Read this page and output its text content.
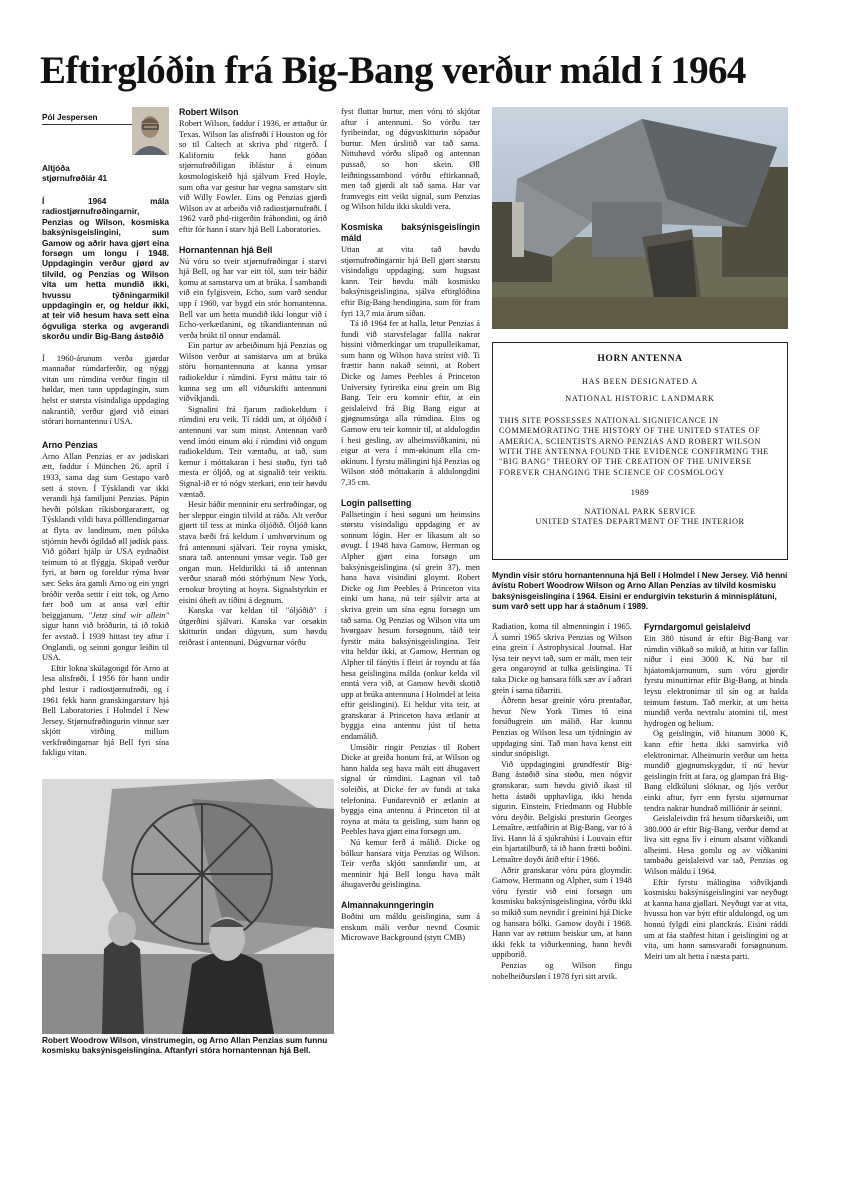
Eftirglóðin frá Big-Bang verður máld í 1964
Pól Jespersen
Altjóða
stjørnufrøðiár 41

Í 1964 mála radiostjørnufrøðingarnir, Penzias og Wilson, kosmiska baksýnisgeislingini, sum Gamow og aðrir hava gjørt eina forsøgn um longu í 1948. Uppdagingin verður gjørd av tilvild, og Penzias og Wilson vita um hetta mundið ikki, hvussu týðningarmikil uppdagingin er, og heldur ikki, at teir við hesum hava sett eina ógvuliga sterka og avgerandi skorðu undir Big-Bang ástøðið

Í 1960-árunum verða gjørdar mannaðar rúmdarferðir, og nýggj vitan um rúmdina verður fingin til høldar, men tann uppdagingin, sum helst er størsta vísindaliga uppdaging nakrantíð, verður gjørd við einari stórari hornantennu í USA.

Arno Penzias

Arno Allan Penzias er av jødiskari ætt, føddur í München 26. apríl í 1933, sama dag sum Gestapo varð sett á stovn. Í Týsklandi var ikki verandi hjá familjuni Penzias. Pápin hevði pólskan ríkisborgararætt, og Týsklandi vildi hava pólllendingarnar at flyta av landinum, men pólska stjórnin hevði ógildað øll jødisk pass. Við góðari hjálp úr USA eydnaðist teimum tó at flýggja. Skipað verður fyri, at børn og foreldur rýma hvør sær. Seks ára gamli Arno og ein yngri bróðir verða settir í eitt tok, og Arno fær boð um at ansa væl eftir beiggjanum. "Jetzt sind wir allein" sigur hann við bróðurin, tá ið tokið fer avstað. Í 1939 hittast tey aftur í Onglandi, og seinni gongur leiðin til USA.

Eftir lokna skúlagongd fór Arno at lesa alisfrøði. Í 1956 fór hann undir phd lestur í radiostjørnufrøði, og í 1961 fekk hann granskingarstarv hjá Bell Laboratories í Holmdel í New Jersey. Stjørnufrøðingurin vinnur sær skjótt virðing millum verkfrøðingarnar hjá Bell fyri sína fakligu vitan.

Robert Wilson

Robert Wilson, føddur í 1936, er ættaður úr Texas. Wilson las alisfrøði í Houston og fór so til Caltech at skriva phd ritgerð. Í Kaliforniu fekk hann góðan stjørnufrøðiligan íblástur á einum kosmologiskeið hjá sjálvum Fred Hoyle, sum ofta var gestur har vegna samstarv sítt við Willy Fowler. Eins og Penzias gjørdi Wilson av at arbeiða við radiostjørnufrøði. Í 1962 varð phd-ritgerðin fráhondini, og árið eftir fór hann í starv hjá Bell Laboratories.

Hornantennan hjá Bell

Nú vóru so tveir stjørnufrøðingar í starvi hjá Bell, og har var eitt tól, sum teir báðir komu at samstarva um at brúka. Í sambandi við ein fylgisvein, Echo, sum varð sendur upp í 1960, var bygd ein stór hornantenna. Bell var um hetta mundið ikki longur við í Echo-verkætlanini, og tíkandiantennan nú verða brúkt til onnur endamál.

Ein partur av arbeiðinum hjá Penzias og Wilson verður at samstarva um at brúka stóru hornantennuna at kanna ymsar radiokeldur í rúmdini. Fyrst máttu tair tó kunna seg um øll viðurskifti antennuni viðvíkjandi.

Signalini frá fjarum radiokeldum í rúmdini eru veik. Tí ráddi um, at óljóðið í antennuni var sum minst. Antennan varð vend ímóti einum øki í rúmdini við ongum radiokeldum. Teir væntaðu, at tað, sum kemur í móttakaran í hesi støðu, fyri tað mesta er óljóð, og at signalið teir veiktu. Signal-ið er tó nógv sterkari, enn teir høvdu væntað.

Hesir báðir menninir eru serfrøðingar, og her sleppur eingin tilvild at ráða. Alt verður gjørtt til tess at minka óljóðið. Óljóð kann stava bæði frá keldum í umhvørvinum og frá antennuni sjálvari. Teir royna ymiskt, snara tað. antennuni ymsar vegir. Tað ger ongan mun. Heldurikki tá ið antennan verður snarað móti stórbýnum New York, ernokur broyting at hoyra. Signalstyrkin er eisini óheft av tíðini á degnum.

Kanska var keldan til "óljóðið" í útgerðini sjálvari. Kanska var orsøkin skitturin undan dúgvum, sum høvdu reiðrast í antennuni. Dúgvurnar vórðu

fyst fluttar burtur, men vóru tó skjótar aftur í antennuni. So vórðu tær fyribeindar, og dúgvuskitturin sópaður burtur. Men úrslitið var tað sama. Nittuhøvd vórðu slípað og antennan pussað, so hon skein. Øll leiðningssambond vórðu eftirkannað, men tað gjørdi alt tað sama. Har var framvegis eitt veikt signal, sum Penzias og Wilson hildu ikki skuldi vera.

Kosmiska baksýnisgeislingin máld

Uttan at vita tað høvdu stjørnufrøðingarnir hjá Bell gjørt størstu vísindaligu uppdaging, sum hugsast kann. Teir høvdu mált kosmisku baksýnisgeislingina, sjálva eftirglóðina eftir Big-Bang hendingina, sum fór fram fyri 13,7 mia árum síðan.

Tá ið 1964 fer at halla, letur Penzias á fundi við starvsfelagar fallla nakrar hissini viðmerkingar um trupulleikamar, sum hann og Wilson hava strítst við. Ti frættir hann nakað seinni, at Robert Dicke og James Peebles á Princeton University fyrireika eina grein um Big Bang. Teir eru komnir eftir, at ein geislaleivd frá Big Bang eigur at gjøgnumsúrga alla rúmdina. Eins og Gamow eru teir komnir til, at aldulogdin í hesi gesling, av alheimsvíðkanini, nú eigur at vera í mm-økinum ella cm-økinum. Í fyrstu málingini hjá Penzias og Wilson stóð móttakarin á aldulongdini 7,35 cm.

Login pallsetting

Pallsetingin í hesi søguni um heimsins størstu vísindaligu uppdaging er av sonnum lógin. Her er líkasum alt so øvugt. Í 1948 hava Gamow, Herman og Alpher gjørt eina forsøgn um baksýnisgeislingina (sí grein 37), men hana hava vísindini gloymt. Robert Dicke og Jim Peebles á Princeton vita einki um hana, nú teir sjálvir arta at skriva grein um sína egnu forsøgn um tað sama. Og Penzias og Wilson vita um hvørgaav hesum forsøgnum, táið teir fyrstir máta baksýnisgeislingina. Teir vita heldur ikki, at Gamow, Herman og Alpher til fánýtis í fleiri ár royndu at fáa hesa geislingina málda (onkur kelda vil enntá vera við, at Gamow hevði skotið upp at brúka antennuna í Holmdel at leita eftir geislingini). Ei heldur vita teir, at granskarar á Princeton hava ætlanir at byggja eina antennu júst til hetta endamálið.

Umsíðir ringir Penzias til Robert Dicke at greiða honum frá, at Wilson og hann halda seg hava mált eitt áhugavert signal úr rúmdini. Lagnan vil tað soleiðis, at Dicke fer av fundi at taka telefonina. Fundarevnið er ætlanin at byggja eina antennu á Princeton til at royna at máta ta geisling, sum hann og Peebles hava gjørt eina forsøgn um.

Nú kemur ferð á málið. Dicke og bólkur hansara vitja Penzias og Wilson. Teir verða skjótt sannførdir um, at menninir hjá Bell longu hava mált áhugaverðu geislingina.

Almannakunngeringin

Boðini um máldu geislingina, sum á enskum máli verður nevnd Cosmic Microwave Background (stytt CMB)

HORN ANTENNA
HAS BEEN DESIGNATED A
NATIONAL HISTORIC LANDMARK
THIS SITE POSSESSES NATIONAL SIGNIFICANCE IN COMMEMORATING THE HISTORY OF THE UNITED STATES OF AMERICA. SCIENTISTS ARNO PENZIAS AND ROBERT WILSON WITH THE ANTENNA FOUND THE EVIDENCE CONFIRMING THE "BIG BANG" THEORY OF THE CREATION OF THE UNIVERSE FOREVER CHANGING THE SCIENCE OF COSMOLOGY
1989
NATIONAL PARK SERVICE
UNITED STATES DEPARTMENT OF THE INTERIOR
Myndin vísir stóru hornantennuna hjá Bell í Holmdel í New Jersey. Við henni ávístu Robert Woodrow Wilson og Arno Allan Penzias av tilvild kosmisku baksýnisgeislingina í 1964. Eisini er endurgivin teksturin á minnisplátuni, sum varð sett upp har á staðnum í 1989.

Radiation, koma til almenningin í 1965. Á sumrí 1965 skriva Penzias og Wilson eina grein í Astrophysical Journal. Har lýsa teir neyvt tað, sum er mált, men teir gera ongaroynd at tulka geislingina. Tí taka Dicke og hansara fólk sær av í aðrari grein í sama tíðarriti.

Áðrenn hesar greinir vóru prentaðar, hevur New York Times tó eina forsíðugrein um málið. Har kunnu Penzias og Wilson lesa um týdningin av uppdaging síni. Tað man hava kenst eitt sindur snópisligt.

Við uppdagingini grundfestir Big-Bang ástøðið sína støðu, men nógvir granskarar, sum høvdu givið íkast til hetta ástøði upphavliga, ikki henda sigurin. Einstein, Friedmann og Hubble vóru deyðir. Belgiski presturin Georges Lemaître, ættfaðirin at Big-Bang, var tó á lívi. Hann lá á sjúkrahúsi í Louvain eftir ein hjartatilburð, tá ið hann frætti boðini. Lemaître doyði árið eftir í 1966.

Aðrir granskarar vóru púra gloymdir. Gamow, Hermann og Alpher, sum í 1948 vóru fyrstir við eini forsøgn um kosmisku baksýnisgeislingina, vórðu ikki so mikið sum nevndir í greinini hjá Dicke og hansara bólki. Gamow doyði í 1968. Hann var av røttum beiskur um, at hann ikki fekk ta viðurkenning, hann hevði uppiborið.

Penzias og Wilson fingu nobelheiðursløn í 1978 fyri sitt arvik.

Fyrndargomul geislaleivd

Ein 380 túsund ár eftir Big-Bang var rúmdin víðkað so mikið, at hitin var fallin niður í eini 3000 K. Nú bar til hjáatomkjarnunum, sum vóru gjørdir fyrstu minuttirnar eftir Big-Bang, at binda leysu elektronirnar til sín og at halda teimum føstum. Tað merkir, at um hetta mundið verða nevtralu atomini til, mest hydrogen og helium.

Og geislingin, við hitanum 3000 K, kann eftir hetta ikki samvirka við elektronirnar. Alheimurin verður um hetta mundið gjøgnumskygdur, tí nú hevur geislingin frítt at fara, og glampan frá Big-Bang eldkúluni slóknar, og ljós verður einki aftur, fyrr enn fyrstu stjørnurnar tendra nakrar hundrað milliónir ár seinni.

Geislaleivdin frá hesum tíðarskeiði, um 380.000 ár eftir Big-Bang, verður dømd at liva sitt egna lív í einum alsamt víðkandi alheimi. Hesa gomlu og av víðkanini tambaðu geislaleivd var tað, Penzias og Wilson máldu í 1964.

Eftir fyrstu málingina viðvíkjandi kosmisku baksýnisgeislingini var neyðugt at kanna hana gjøllari. Neyðugt var at vita, hvussu hon var býtt eftir aldulongd, og um honnú fylgdi eini planckrás. Eisini ráddi um at fáa staðfest hitan í geislingini og at vita, um hann samsvaraði forsøgnunum. Meiri um alt hetta í næsta parti.

Robert Woodrow Wilson, vinstrumegin, og Arno Allan Penzias sum funnu kosmisku baksýnisgeislingina. Aftanfyri stóra hornantennan hjá Bell.
